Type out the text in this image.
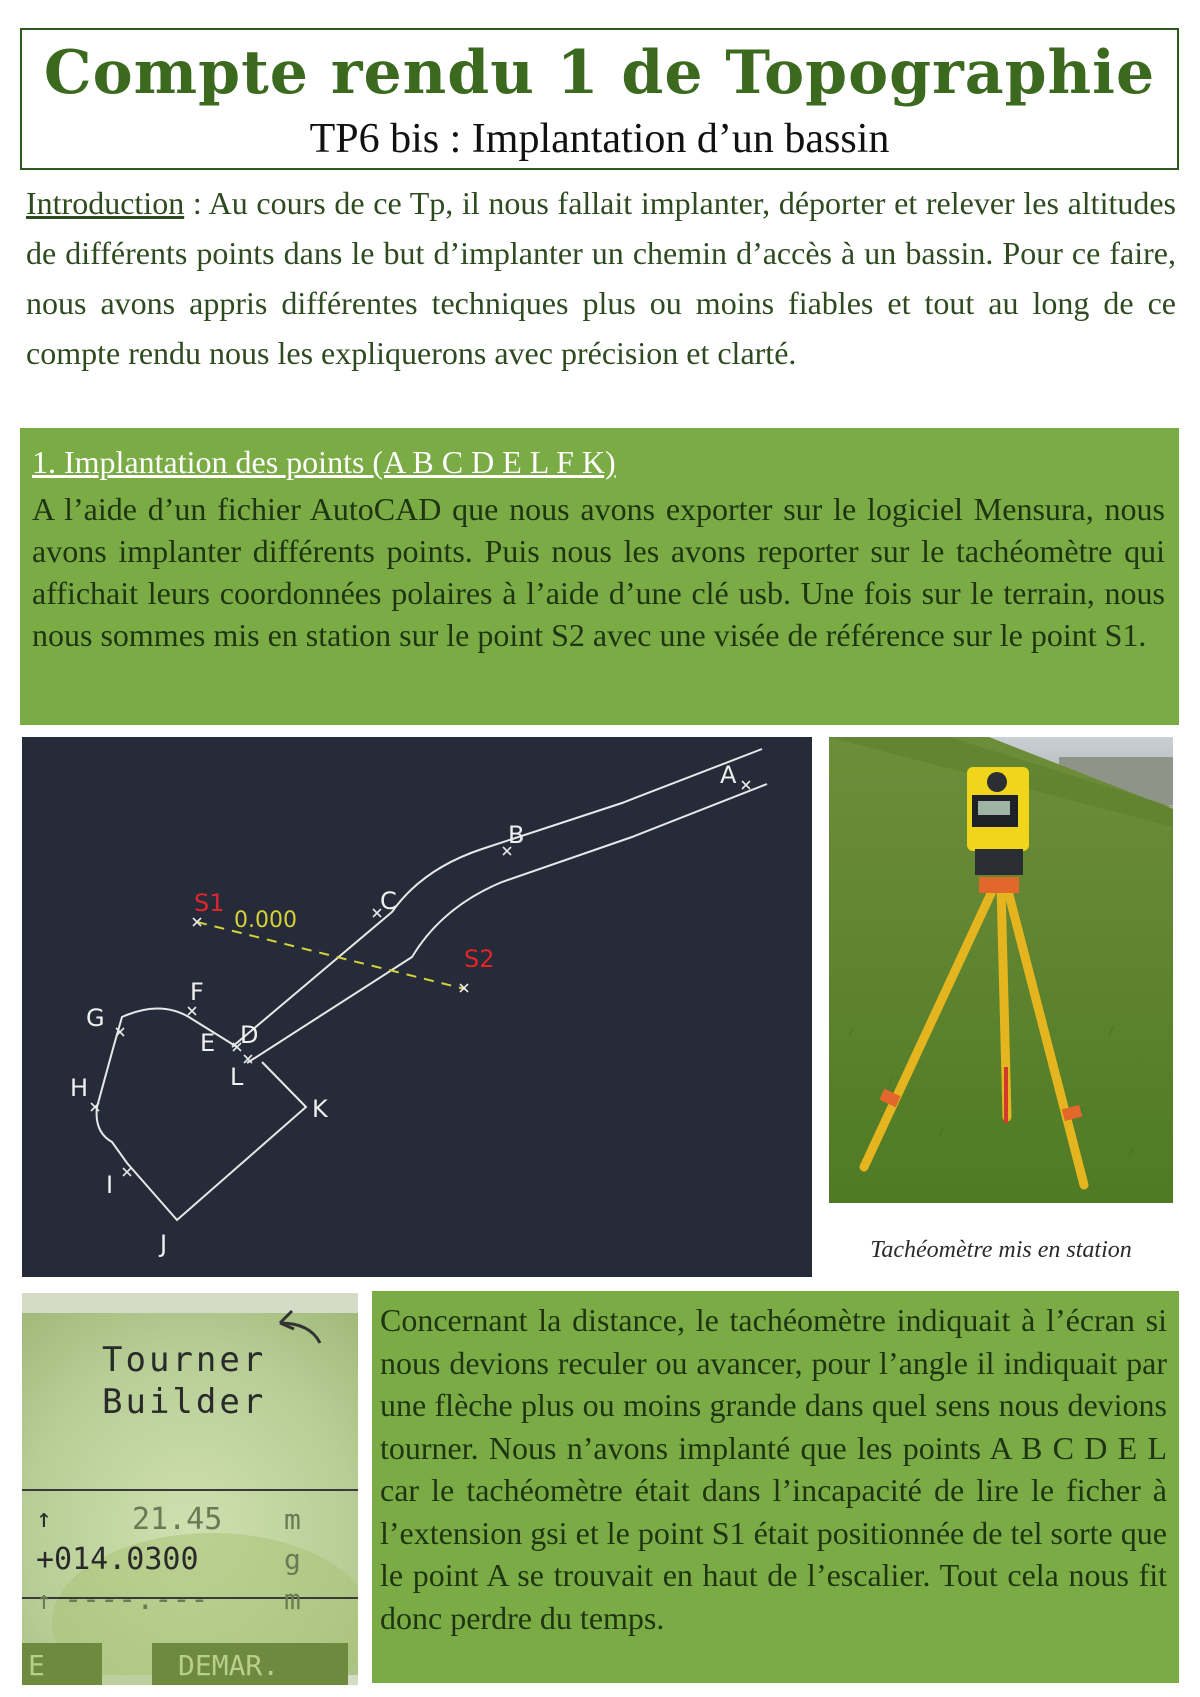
Compte rendu 1 de Topographie
TP6 bis : Implantation d’un bassin

Introduction : Au cours de ce Tp, il nous fallait implanter, déporter et relever les altitudes de différents points dans le but d’implanter un chemin d’accès à un bassin. Pour ce faire, nous avons appris différentes techniques plus ou moins fiables et tout au long de ce compte rendu nous les expliquerons avec précision et clarté.

1. Implantation des points (A B C D E L F K)

A l’aide d’un fichier AutoCAD que nous avons exporter sur le logiciel Mensura, nous avons implanter différents points. Puis nous les avons reporter sur le tachéomètre qui affichait leurs coordonnées polaires à l’aide d’une clé usb. Une fois sur le terrain, nous nous sommes mis en station sur le point S2 avec une visée de référence sur le point S1.

A
B
C
D
E
L
F
G
H
I
J
K
S1
S2
0.000
Tachéomètre mis en station
Tourner
Builder
↑	21.45 m
+014.0300	g
↑ ----.---	m
E	DEMAR.

Concernant la distance, le tachéomètre indiquait à l’écran si nous devions reculer ou avancer, pour l’angle il indiquait par une flèche plus ou moins grande dans quel sens nous devions tourner. Nous n’avons implanté que les points A B C D E L car le tachéomètre était dans l’incapacité de lire le ficher à l’extension gsi et le point S1 était positionnée de tel sorte que le point A se trouvait en haut de l’escalier. Tout cela nous fit donc perdre du temps.
